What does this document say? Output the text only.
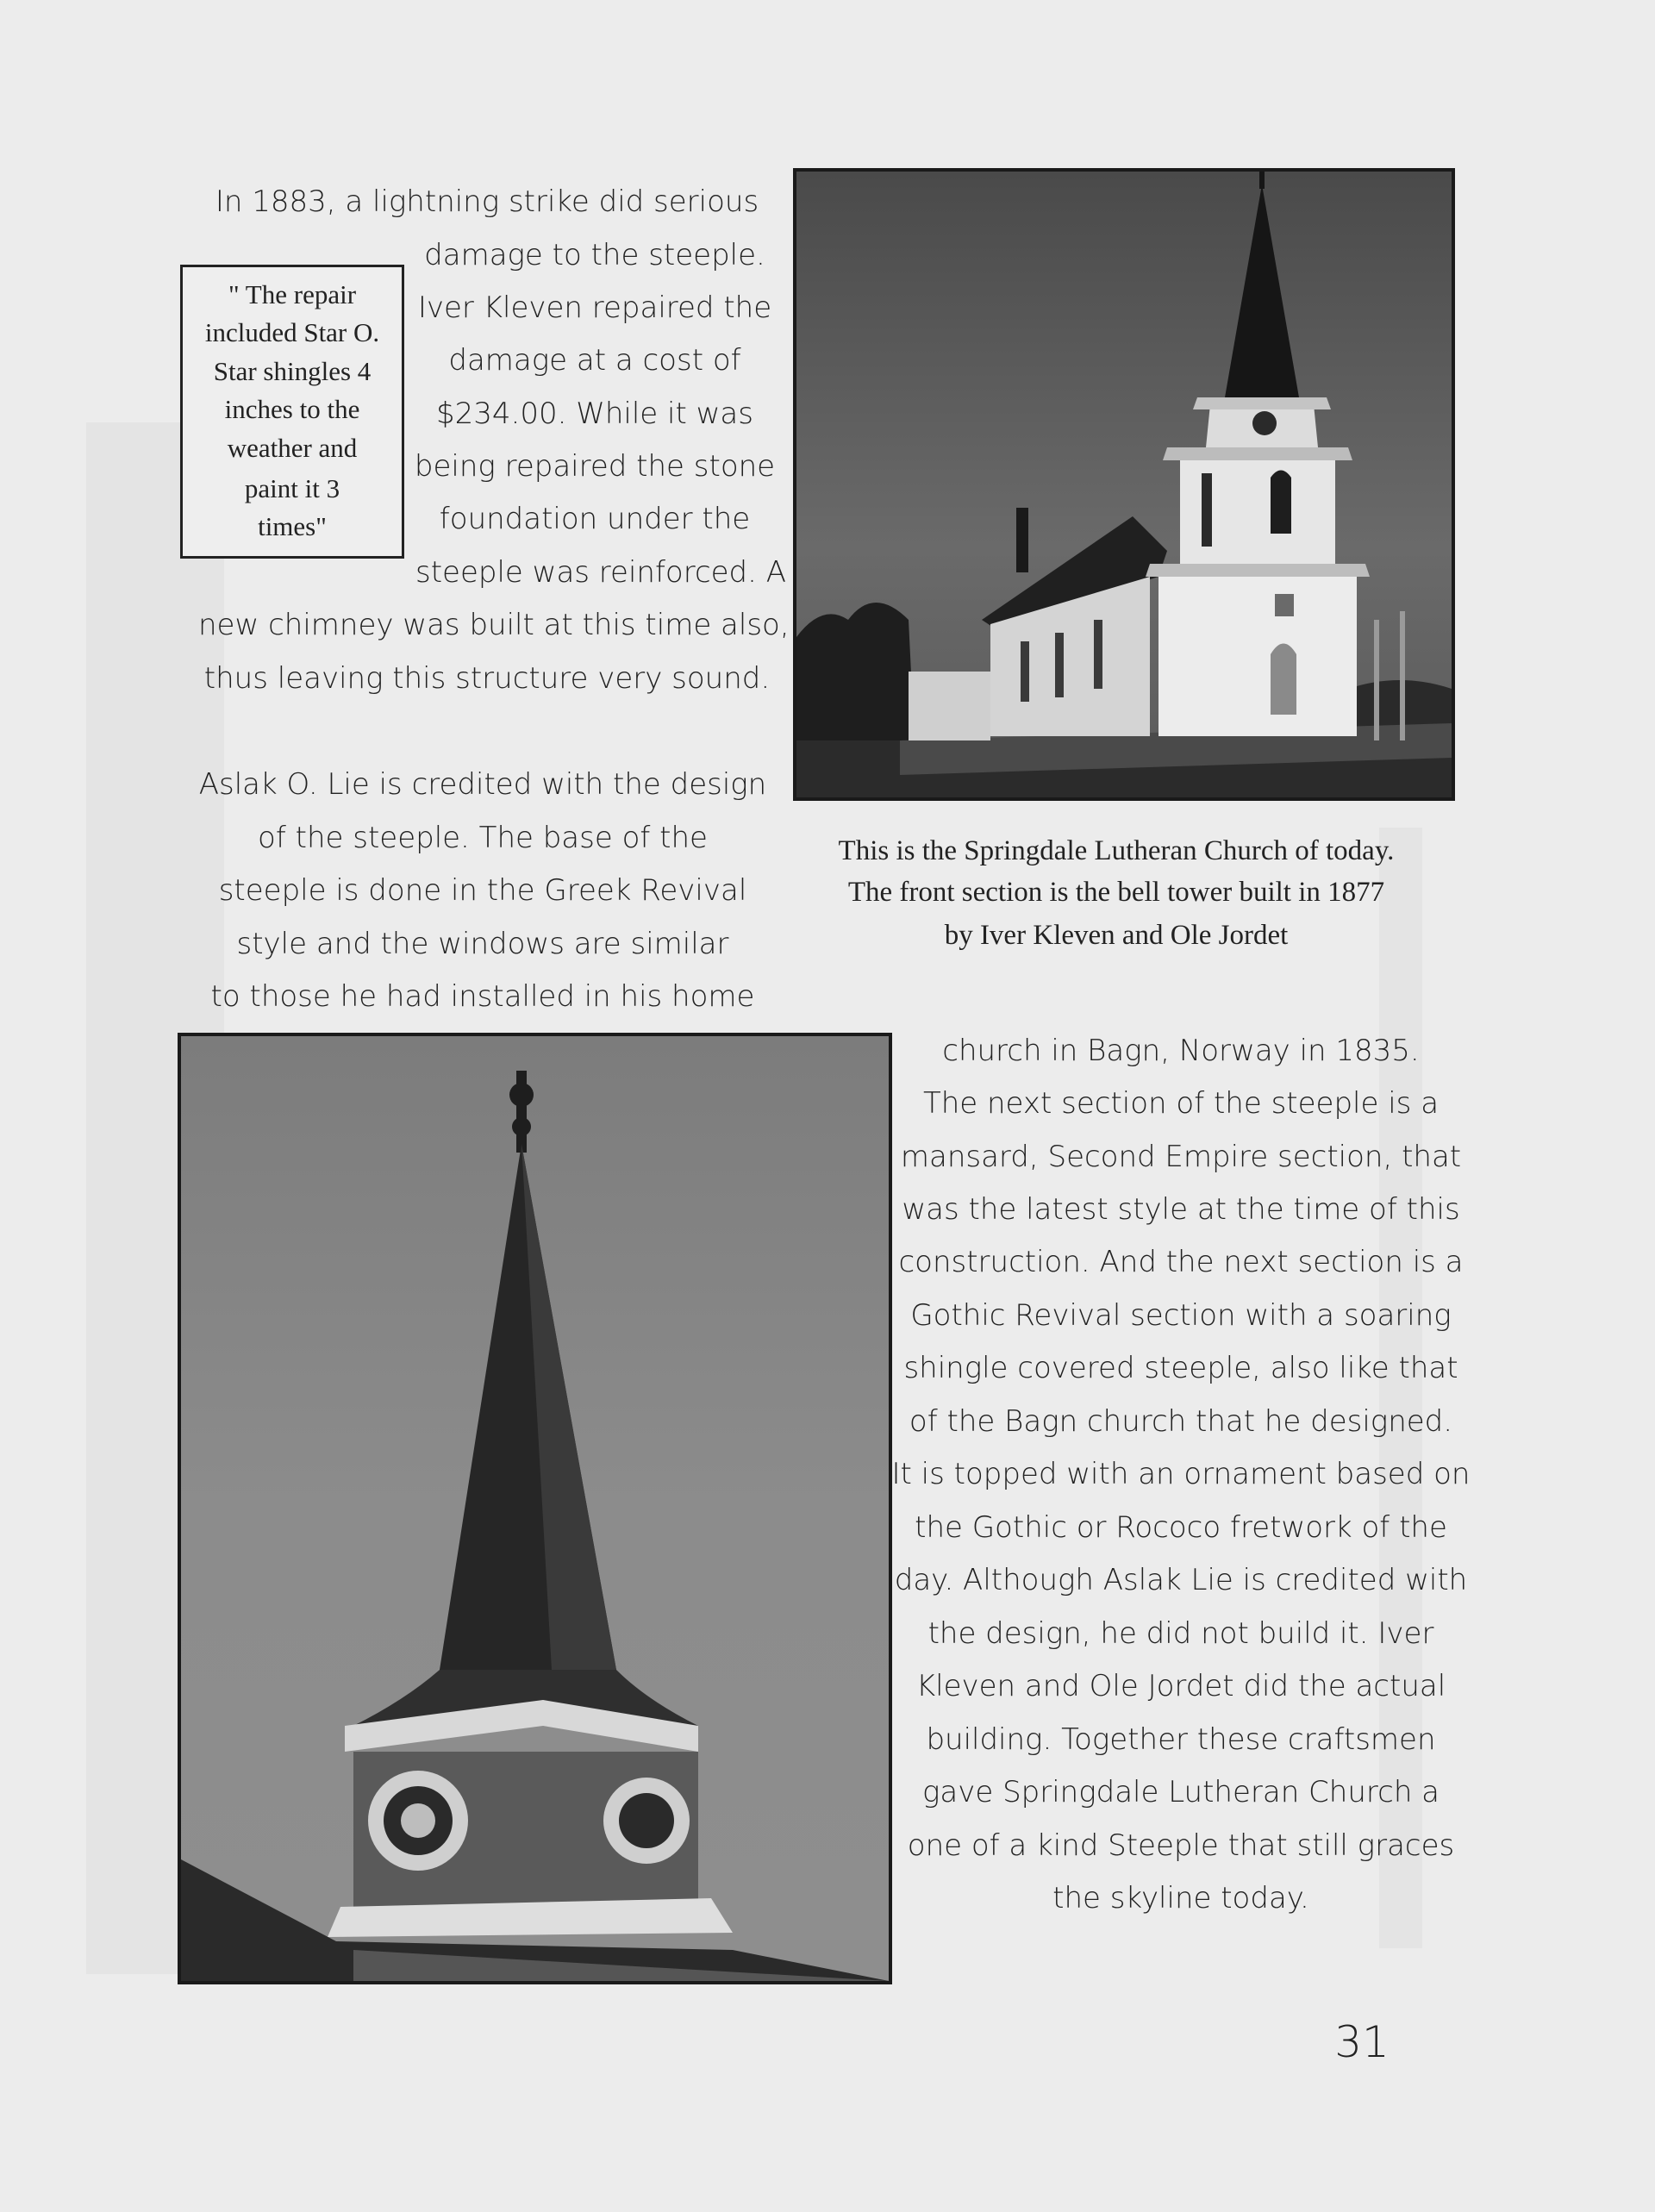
In 1883, a lightning strike did serious
damage to the steeple.
Iver Kleven repaired the
damage at a cost of
$234.00. While it was
being repaired the stone
foundation under the
steeple was reinforced. A
new chimney was built at this time also,
thus leaving this structure very sound.
" The repair
included Star O.
Star shingles 4
inches to the
weather and
paint it 3
times"
Aslak O. Lie is credited with the design
of the steeple. The base of the
steeple is done in the Greek Revival
style and the windows are similar
to those he had installed in his home
This is the Springdale Lutheran Church of today.
The front section is the bell tower built in 1877
by Iver Kleven and Ole Jordet
church in Bagn, Norway in 1835.
The next section of the steeple is a
mansard, Second Empire section, that
was the latest style at the time of this
construction. And the next section is a
Gothic Revival section with a soaring
shingle covered steeple, also like that
of the Bagn church that he designed.
It is topped with an ornament based on
the Gothic or Rococo fretwork of the
day. Although Aslak Lie is credited with
the design, he did not build it. Iver
Kleven and Ole Jordet did the actual
building. Together these craftsmen
gave Springdale Lutheran Church a
one of a kind Steeple that still graces
the skyline today.
31
